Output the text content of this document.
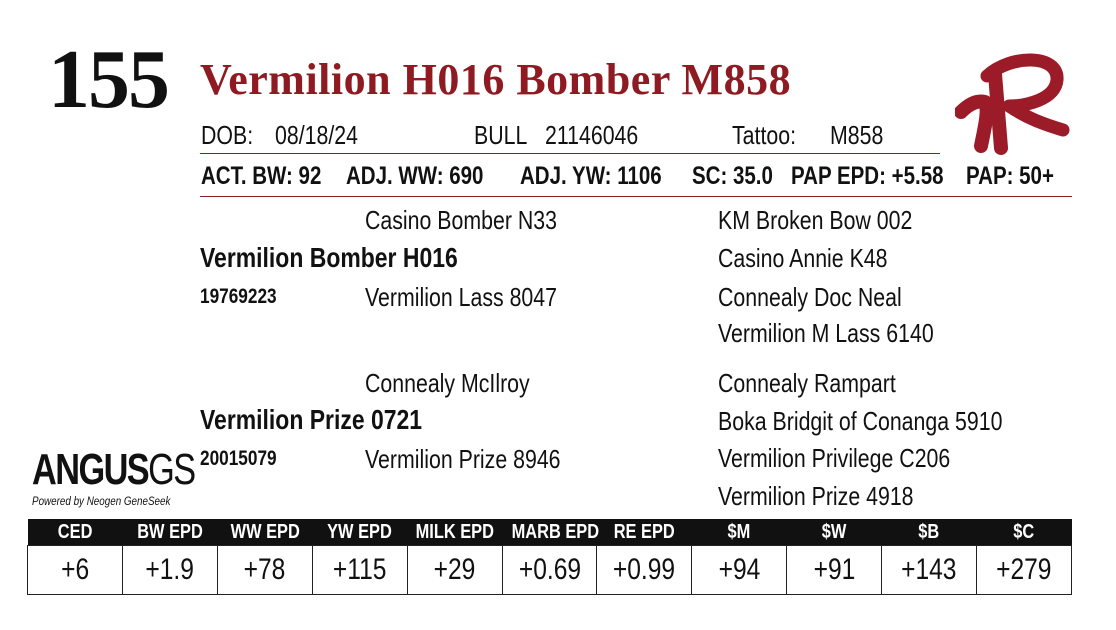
155 Vermilion H016 Bomber M858
DOB: 08/18/24	BULL 21146046	Tattoo: M858
ACT. BW: 92 ADJ. WW: 690 ADJ. YW: 1106 SC: 35.0 PAP EPD: +5.58 PAP: 50+
Casino Bomber N33
Vermilion Bomber H016
19769223	Vermilion Lass 8047
KM Broken Bow 002
Casino Annie K48
Connealy Doc Neal
Vermilion M Lass 6140
Connealy McIlroy
Vermilion Prize 0721
20015079	Vermilion Prize 8946
Connealy Rampart
Boka Bridgit of Conanga 5910
Vermilion Privilege C206
Vermilion Prize 4918
ANGUSGS
Powered by Neogen GeneSeek
CED	BW EPD	WW EPD	YW EPD	MILK EPD	MARB EPD	RE EPD	$M	$W	$B	$C
+6	+1.9	+78	+115	+29	+0.69	+0.99	+94	+91	+143	+279
